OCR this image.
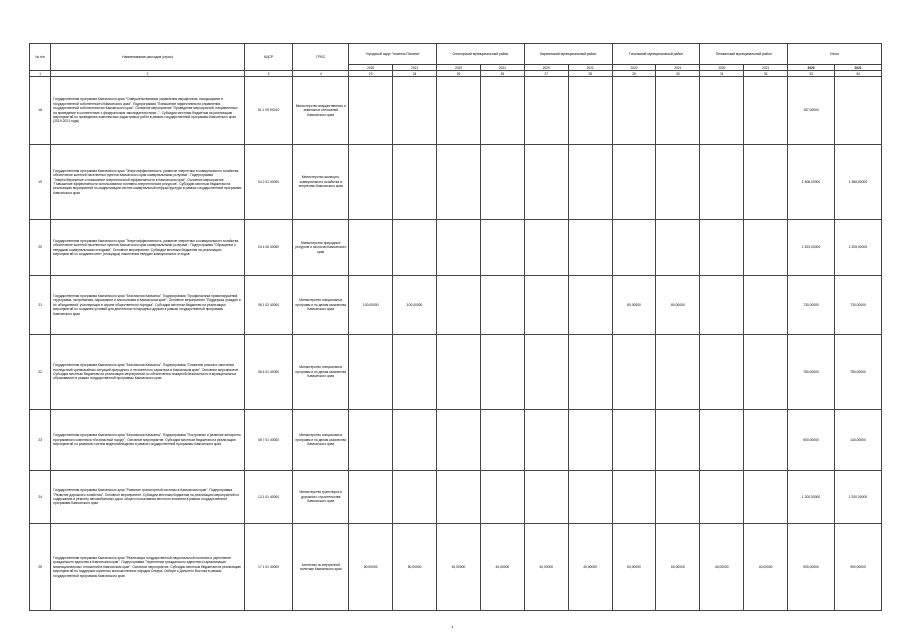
№ п/п	Наименование расходов (строк)	КЦСР	ГРБС	Городской округ "поселок Палана"		Олюторский муниципальный район		Карагинский муниципальный район		Тигильский муниципальный район		Пенжинский муниципальный район		Итого	
				2020	2021	2020	2021	2020	2021	2020	2021	2020	2021	2020	2021
1	2	3	4	23	24	25	26	27	28	29	30	31	32	33	34
18	Государственная программа Камчатского края "Совершенствование управления имуществом, находящимся в государственной собственности Камчатского края". Подпрограмма "Повышение эффективности управления государственной собственностью Камчатского края". Основное мероприятие "Проведение мероприятий, направленных на приведение в соответствие с федеральным законодательством...". Субсидии местным бюджетам на реализацию мероприятий по проведению комплексных кадастровых работ в рамках государственной программы Камчатского края (2019-2021 годы)	01 1 09 9Х010	Министерство имущественных и земельных отношений Камчатского края											157,00000	
19	Государственная программа Камчатского края "Энергоэффективность, развитие энергетики и коммунального хозяйства, обеспечение жителей населенных пунктов Камчатского края коммунальными услугами". Подпрограмма "Энергосбережение и повышение энергетической эффективности в Камчатском крае". Основное мероприятие "Повышение эффективности использования топливно-энергетических ресурсов". Субсидии местным бюджетам на реализацию мероприятий по модернизации систем коммунальной инфраструктуры в рамках государственной программы Камчатского края	04 2 01 40000	Министерство жилищно-коммунального хозяйства и энергетики Камчатского края											1 506,00000	1 356,00000
20	Государственная программа Камчатского края "Энергоэффективность, развитие энергетики и коммунального хозяйства, обеспечение жителей населенных пунктов Камчатского края коммунальными услугами". Подпрограмма "Обращение с твердыми коммунальными отходами". Основное мероприятие. Субсидии местным бюджетам на реализацию мероприятий по созданию мест (площадок) накопления твердых коммунальных отходов	04 4 06 40060	Министерство природных ресурсов и экологии Камчатского края											1 523,00000	1 205,00000
21	Государственная программа Камчатского края "Безопасная Камчатка". Подпрограмма "Профилактика правонарушений, терроризма, экстремизма, наркомании и алкоголизма в Камчатском крае". Основное мероприятие "Поддержка граждан и их объединений, участвующих в охране общественного порядка". Субсидии местным бюджетам на реализацию мероприятий по созданию условий для деятельности народных дружин в рамках государственной программы Камчатского края	08 1 02 40000	Министерство специальных программ и по делам казачества Камчатского края	100,00000	100,00000					80,00000	80,00000			730,00000	730,00000
22	Государственная программа Камчатского края "Безопасная Камчатка". Подпрограмма "Снижение рисков и смягчение последствий чрезвычайных ситуаций природного и техногенного характера в Камчатском крае". Основное мероприятие. Субсидии местным бюджетам на реализацию мероприятий по обеспечению пожарной безопасности в муниципальных образованиях в рамках государственной программы Камчатского края	08 4 01 40000	Министерство специальных программ и по делам казачества Камчатского края											780,00000	780,00000
23	Государственная программа Камчатского края "Безопасная Камчатка". Подпрограмма "Построение и развитие аппаратно-программного комплекса «Безопасный город»". Основное мероприятие. Субсидии местным бюджетам на реализацию мероприятий по развитию систем видеонаблюдения в рамках государственной программы Камчатского края	08 7 01 40000	Министерство специальных программ и по делам казачества Камчатского края											500,00000	140,00000
24	Государственная программа Камчатского края "Развитие транспортной системы в Камчатском крае". Подпрограмма "Развитие дорожного хозяйства". Основное мероприятие. Субсидии местным бюджетам на реализацию мероприятий по содержанию и ремонту автомобильных дорог общего пользования местного значения в рамках государственной программы Камчатского края	13 1 01 40000	Министерство транспорта и дорожного строительства Камчатского края											1 200,00000	1 200,00000
25	Государственная программа Камчатского края "Реализация государственной национальной политики и укрепление гражданского единства в Камчатском крае". Подпрограмма "Укрепление гражданского единства и гармонизация межнациональных отношений в Камчатском крае". Основное мероприятие. Субсидии местным бюджетам на реализацию мероприятий по поддержке коренных малочисленных народов Севера, Сибири и Дальнего Востока в рамках государственной программы Камчатского края	17 1 01 40000	Агентство по внутренней политике Камчатского края	50,00000	50,00000	40,00000	40,00000	40,00000	40,00000	60,00000	60,00000	40,00000	40,00000	900,00000	900,00000
1
